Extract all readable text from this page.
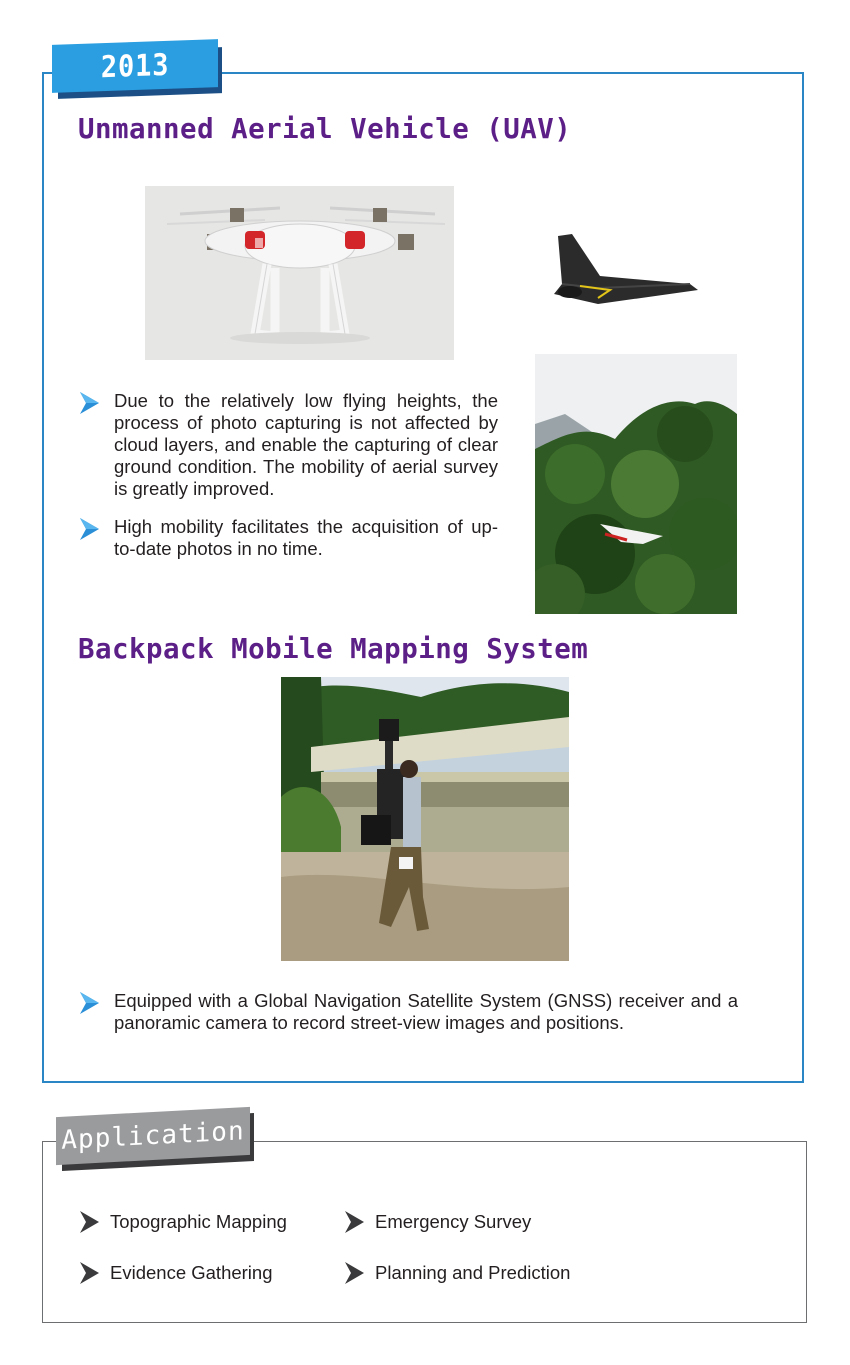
2013
Unmanned Aerial Vehicle (UAV)
Due to the relatively low flying heights, the process of photo capturing is not affected by cloud layers, and enable the capturing of clear ground condition. The mobility of aerial survey is greatly improved.
High mobility facilitates the acquisition of up-to-date photos in no time.
Backpack Mobile Mapping System
Equipped with a Global Navigation Satellite System (GNSS) receiver and a panoramic camera to record street-view images and positions.
Application
Topographic Mapping	Emergency Survey
Evidence Gathering	Planning and Prediction
